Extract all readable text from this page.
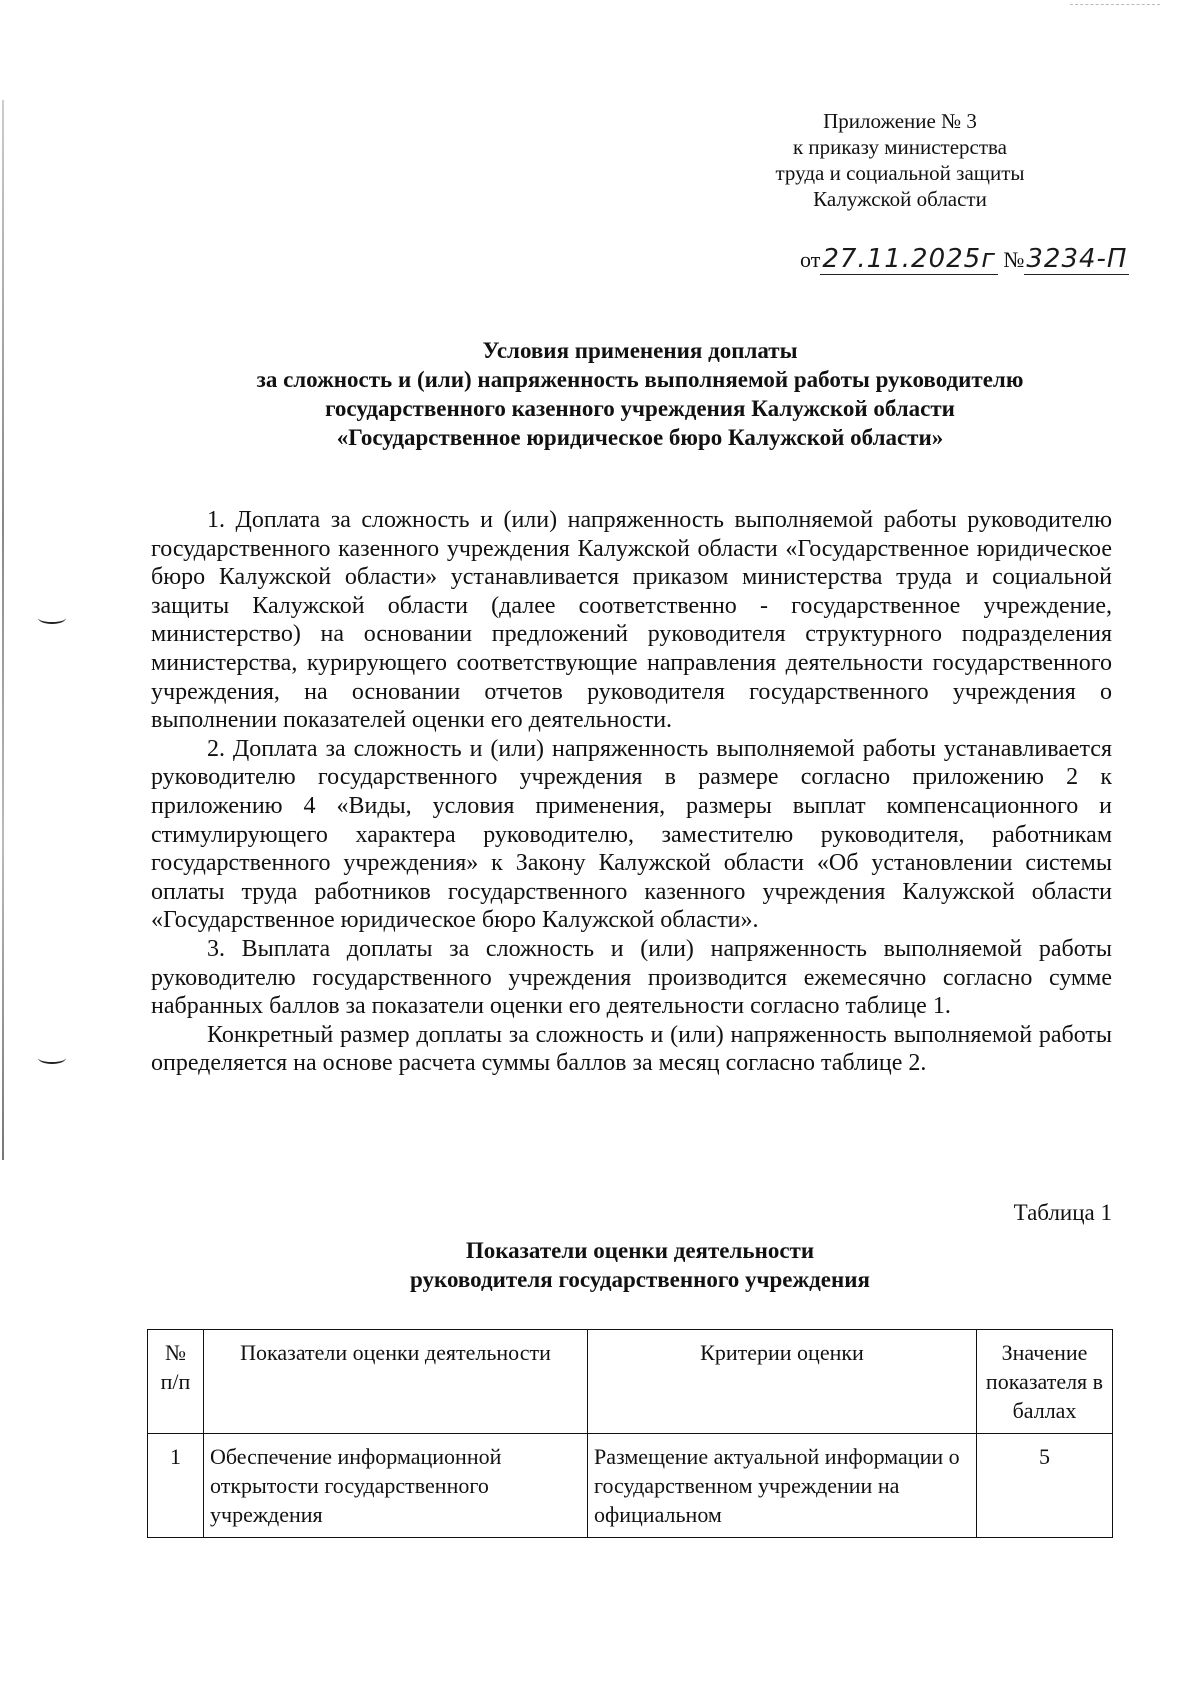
Приложение № 3
к приказу министерства
труда и социальной защиты
Калужской области
от27.11.2025г №3234-П
Условия применения доплаты
за сложность и (или) напряженность выполняемой работы руководителю
государственного казенного учреждения Калужской области
«Государственное юридическое бюро Калужской области»

1. Доплата за сложность и (или) напряженность выполняемой работы руководителю государственного казенного учреждения Калужской области «Государственное юридическое бюро Калужской области» устанавливается приказом министерства труда и социальной защиты Калужской области (далее соответственно - государственное учреждение, министерство) на основании предложений руководителя структурного подразделения министерства, курирующего соответствующие направления деятельности государственного учреждения, на основании отчетов руководителя государственного учреждения о выполнении показателей оценки его деятельности.

2. Доплата за сложность и (или) напряженность выполняемой работы устанавливается руководителю государственного учреждения в размере согласно приложению 2 к приложению 4 «Виды, условия применения, размеры выплат компенсационного и стимулирующего характера руководителю, заместителю руководителя, работникам государственного учреждения» к Закону Калужской области «Об установлении системы оплаты труда работников государственного казенного учреждения Калужской области «Государственное юридическое бюро Калужской области».

3. Выплата доплаты за сложность и (или) напряженность выполняемой работы руководителю государственного учреждения производится ежемесячно согласно сумме набранных баллов за показатели оценки его деятельности согласно таблице 1.

Конкретный размер доплаты за сложность и (или) напряженность выполняемой работы определяется на основе расчета суммы баллов за месяц согласно таблице 2.

Таблица 1
Показатели оценки деятельности
руководителя государственного учреждения
№ п/п	Показатели оценки деятельности	Критерии оценки	Значение показателя в баллах
1	Обеспечение информационной открытости государственного учреждения	Размещение актуальной информации о государственном учреждении на официальном	5
